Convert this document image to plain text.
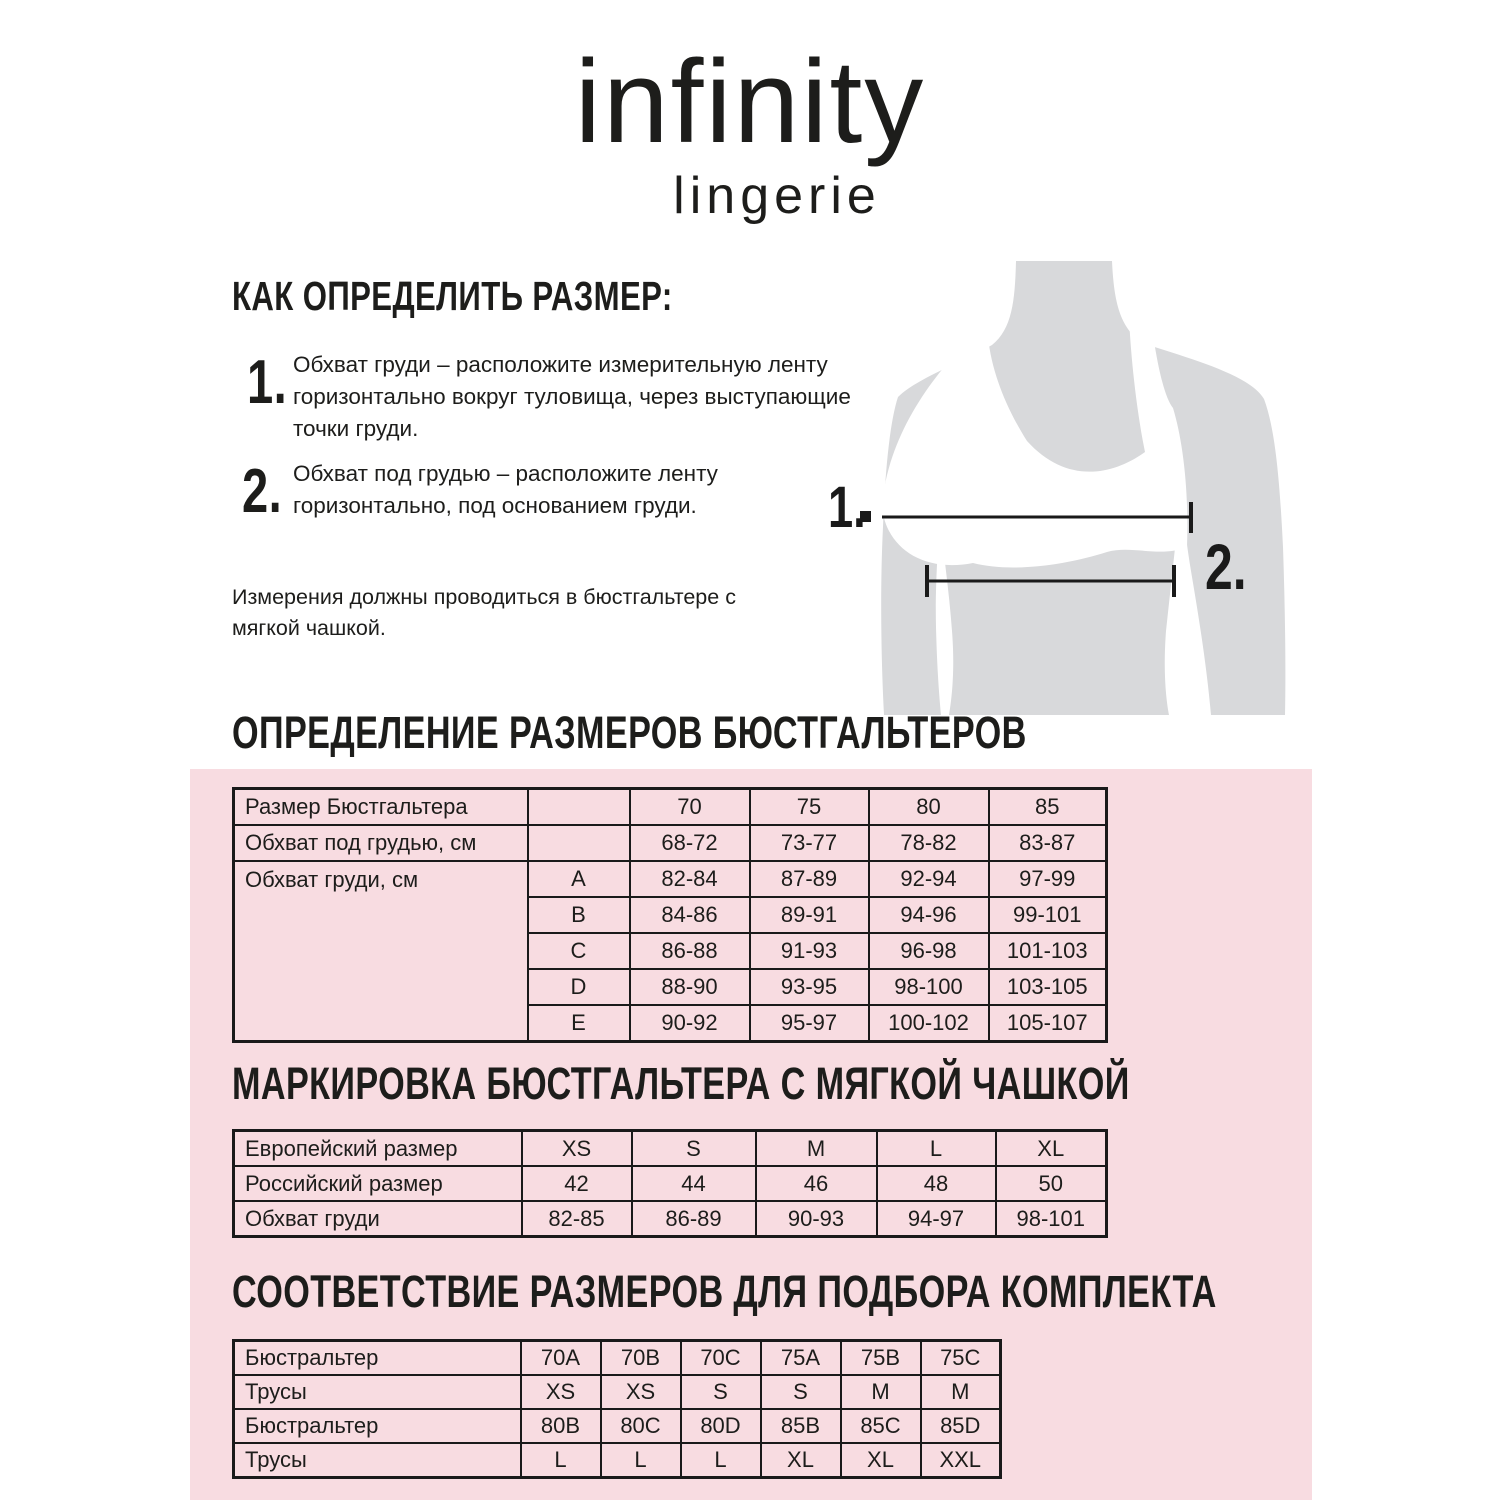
infinity
lingerie
КАК ОПРЕДЕЛИТЬ РАЗМЕР:
1. Обхват груди – расположите измерительную ленту горизонтально вокруг туловища, через выступающие точки груди.
2. Обхват под грудью – расположите ленту горизонтально, под основанием груди.
Измерения должны проводиться в бюстгальтере с мягкой чашкой.
1.
2.
ОПРЕДЕЛЕНИЕ РАЗМЕРОВ БЮСТГАЛЬТЕРОВ
Размер Бюстгальтера		70	75	80	85
Обхват под грудью, см		68-72	73-77	78-82	83-87
Обхват груди, см	A	82-84	87-89	92-94	97-99
	B	84-86	89-91	94-96	99-101
	C	86-88	91-93	96-98	101-103
	D	88-90	93-95	98-100	103-105
	E	90-92	95-97	100-102	105-107
МАРКИРОВКА БЮСТГАЛЬТЕРА С МЯГКОЙ ЧАШКОЙ
Европейский размер	XS	S	M	L	XL
Российский размер	42	44	46	48	50
Обхват груди	82-85	86-89	90-93	94-97	98-101
СООТВЕТСТВИЕ РАЗМЕРОВ ДЛЯ ПОДБОРА КОМПЛЕКТА
Бюстральтер	70A	70B	70C	75A	75B	75C
Трусы	XS	XS	S	S	M	M
Бюстральтер	80B	80C	80D	85B	85C	85D
Трусы	L	L	L	XL	XL	XXL
